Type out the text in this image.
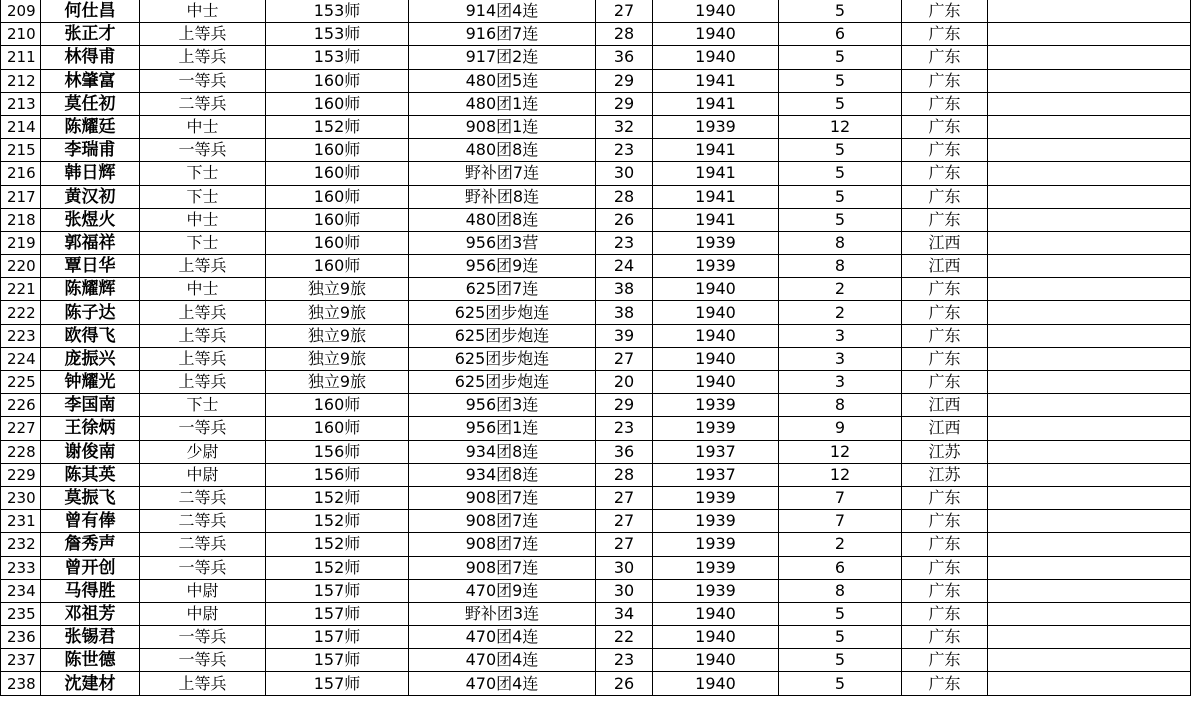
209	何仕昌	中士	153师	914团4连	27	1940	5	广东	
210	张正才	上等兵	153师	916团7连	28	1940	6	广东	
211	林得甫	上等兵	153师	917团2连	36	1940	5	广东	
212	林肇富	一等兵	160师	480团5连	29	1941	5	广东	
213	莫任初	二等兵	160师	480团1连	29	1941	5	广东	
214	陈耀廷	中士	152师	908团1连	32	1939	12	广东	
215	李瑞甫	一等兵	160师	480团8连	23	1941	5	广东	
216	韩日辉	下士	160师	野补团7连	30	1941	5	广东	
217	黄汉初	下士	160师	野补团8连	28	1941	5	广东	
218	张煜火	中士	160师	480团8连	26	1941	5	广东	
219	郭福祥	下士	160师	956团3营	23	1939	8	江西	
220	覃日华	上等兵	160师	956团9连	24	1939	8	江西	
221	陈耀辉	中士	独立9旅	625团7连	38	1940	2	广东	
222	陈子达	上等兵	独立9旅	625团步炮连	38	1940	2	广东	
223	欧得飞	上等兵	独立9旅	625团步炮连	39	1940	3	广东	
224	庞振兴	上等兵	独立9旅	625团步炮连	27	1940	3	广东	
225	钟耀光	上等兵	独立9旅	625团步炮连	20	1940	3	广东	
226	李国南	下士	160师	956团3连	29	1939	8	江西	
227	王徐炳	一等兵	160师	956团1连	23	1939	9	江西	
228	谢俊南	少尉	156师	934团8连	36	1937	12	江苏	
229	陈其英	中尉	156师	934团8连	28	1937	12	江苏	
230	莫振飞	二等兵	152师	908团7连	27	1939	7	广东	
231	曾有俸	二等兵	152师	908团7连	27	1939	7	广东	
232	詹秀声	二等兵	152师	908团7连	27	1939	2	广东	
233	曾开创	一等兵	152师	908团7连	30	1939	6	广东	
234	马得胜	中尉	157师	470团9连	30	1939	8	广东	
235	邓祖芳	中尉	157师	野补团3连	34	1940	5	广东	
236	张锡君	一等兵	157师	470团4连	22	1940	5	广东	
237	陈世德	一等兵	157师	470团4连	23	1940	5	广东	
238	沈建材	上等兵	157师	470团4连	26	1940	5	广东	
